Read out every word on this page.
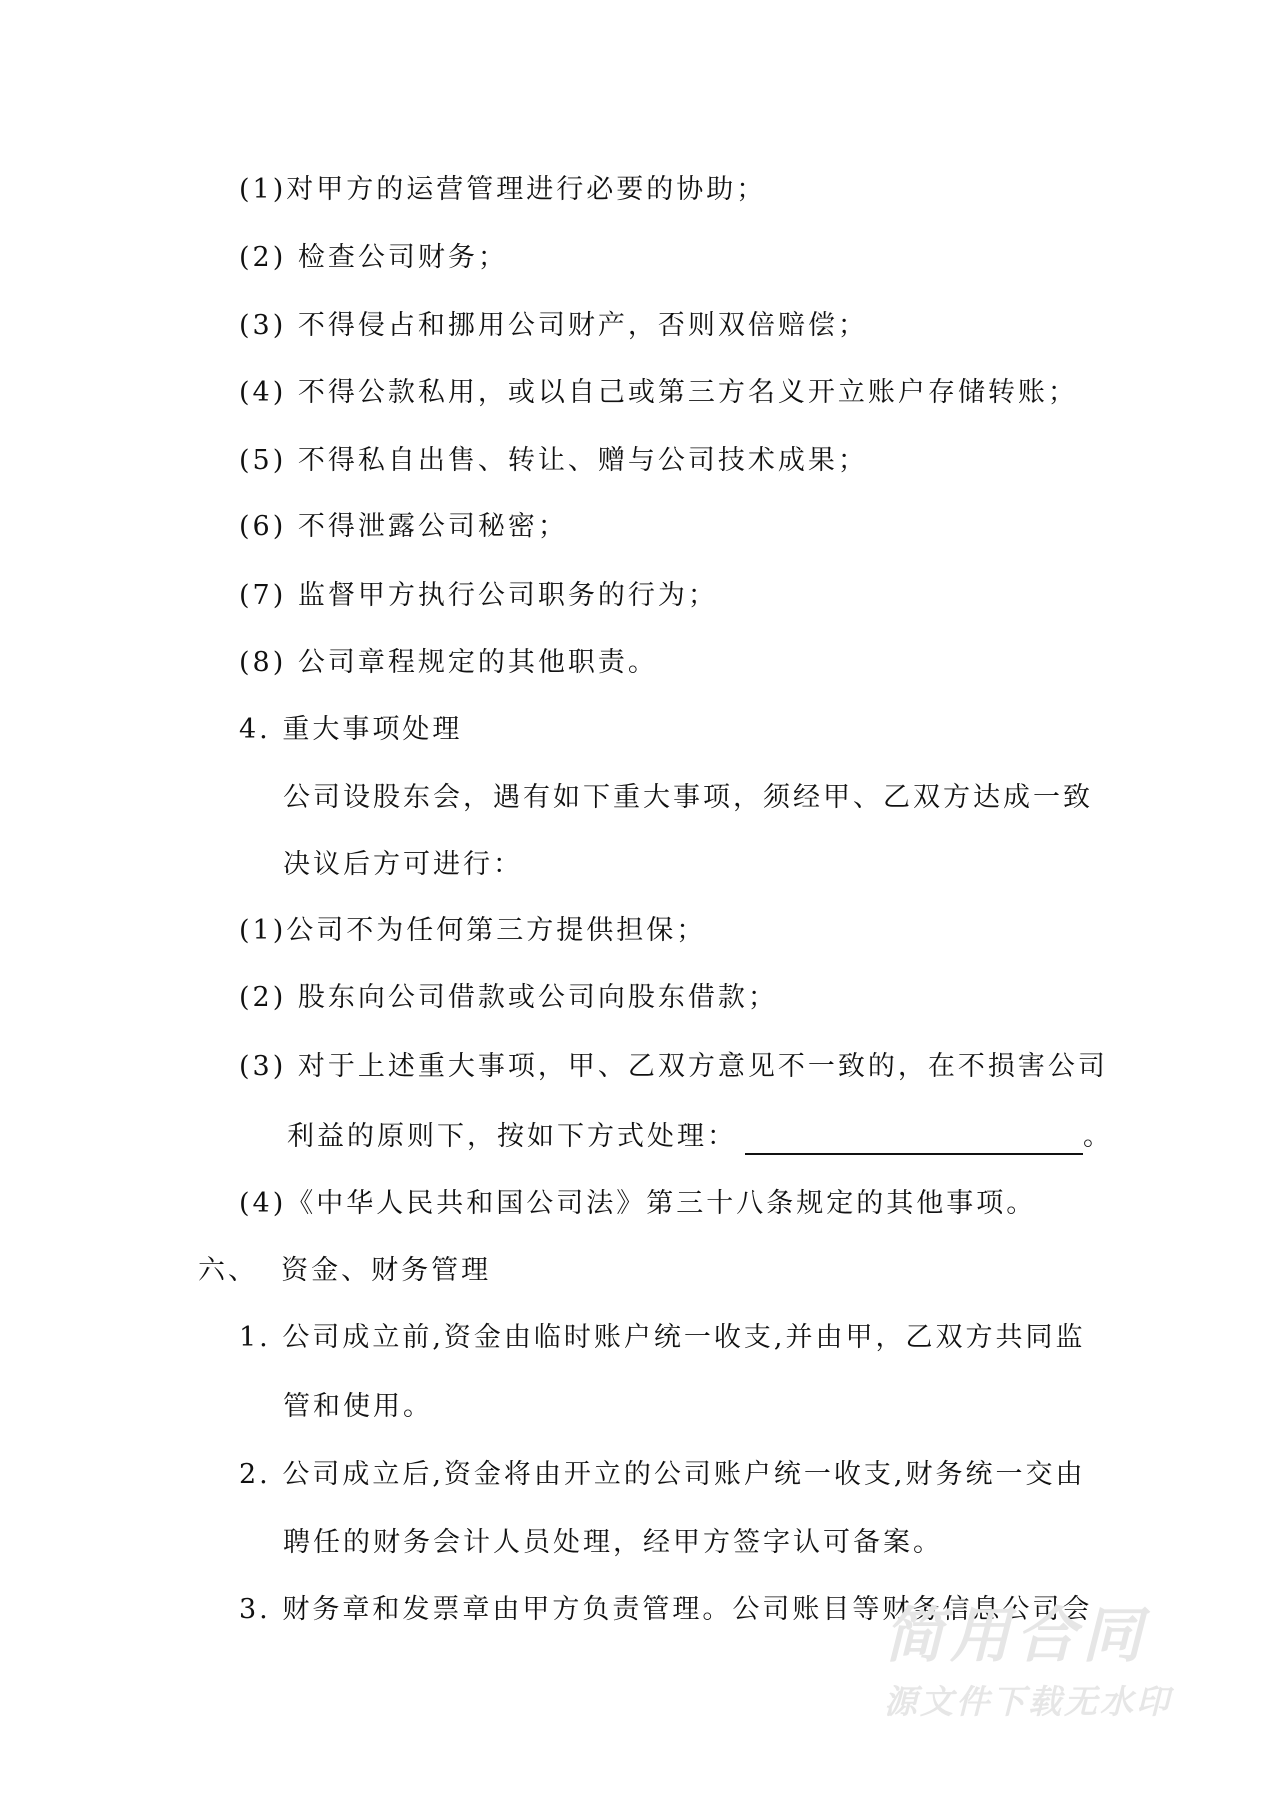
(1)对甲方的运营管理进行必要的协助；
(2) 检查公司财务；
(3) 不得侵占和挪用公司财产，否则双倍赔偿；
(4) 不得公款私用，或以自己或第三方名义开立账户存储转账；
(5) 不得私自出售、转让、赠与公司技术成果；
(6) 不得泄露公司秘密；
(7) 监督甲方执行公司职务的行为；
(8) 公司章程规定的其他职责。
4. 重大事项处理
公司设股东会，遇有如下重大事项，须经甲、乙双方达成一致
决议后方可进行：
(1)公司不为任何第三方提供担保；
(2) 股东向公司借款或公司向股东借款；
(3) 对于上述重大事项，甲、乙双方意见不一致的，在不损害公司
利益的原则下，按如下方式处理：	。
(4)《中华人民共和国公司法》第三十八条规定的其他事项。
六、  资金、财务管理
1. 公司成立前,资金由临时账户统一收支,并由甲，乙双方共同监
管和使用。
2. 公司成立后,资金将由开立的公司账户统一收支,财务统一交由
聘任的财务会计人员处理，经甲方签字认可备案。
3. 财务章和发票章由甲方负责管理。公司账目等财务信息公司会
简用合同
源文件下载无水印
